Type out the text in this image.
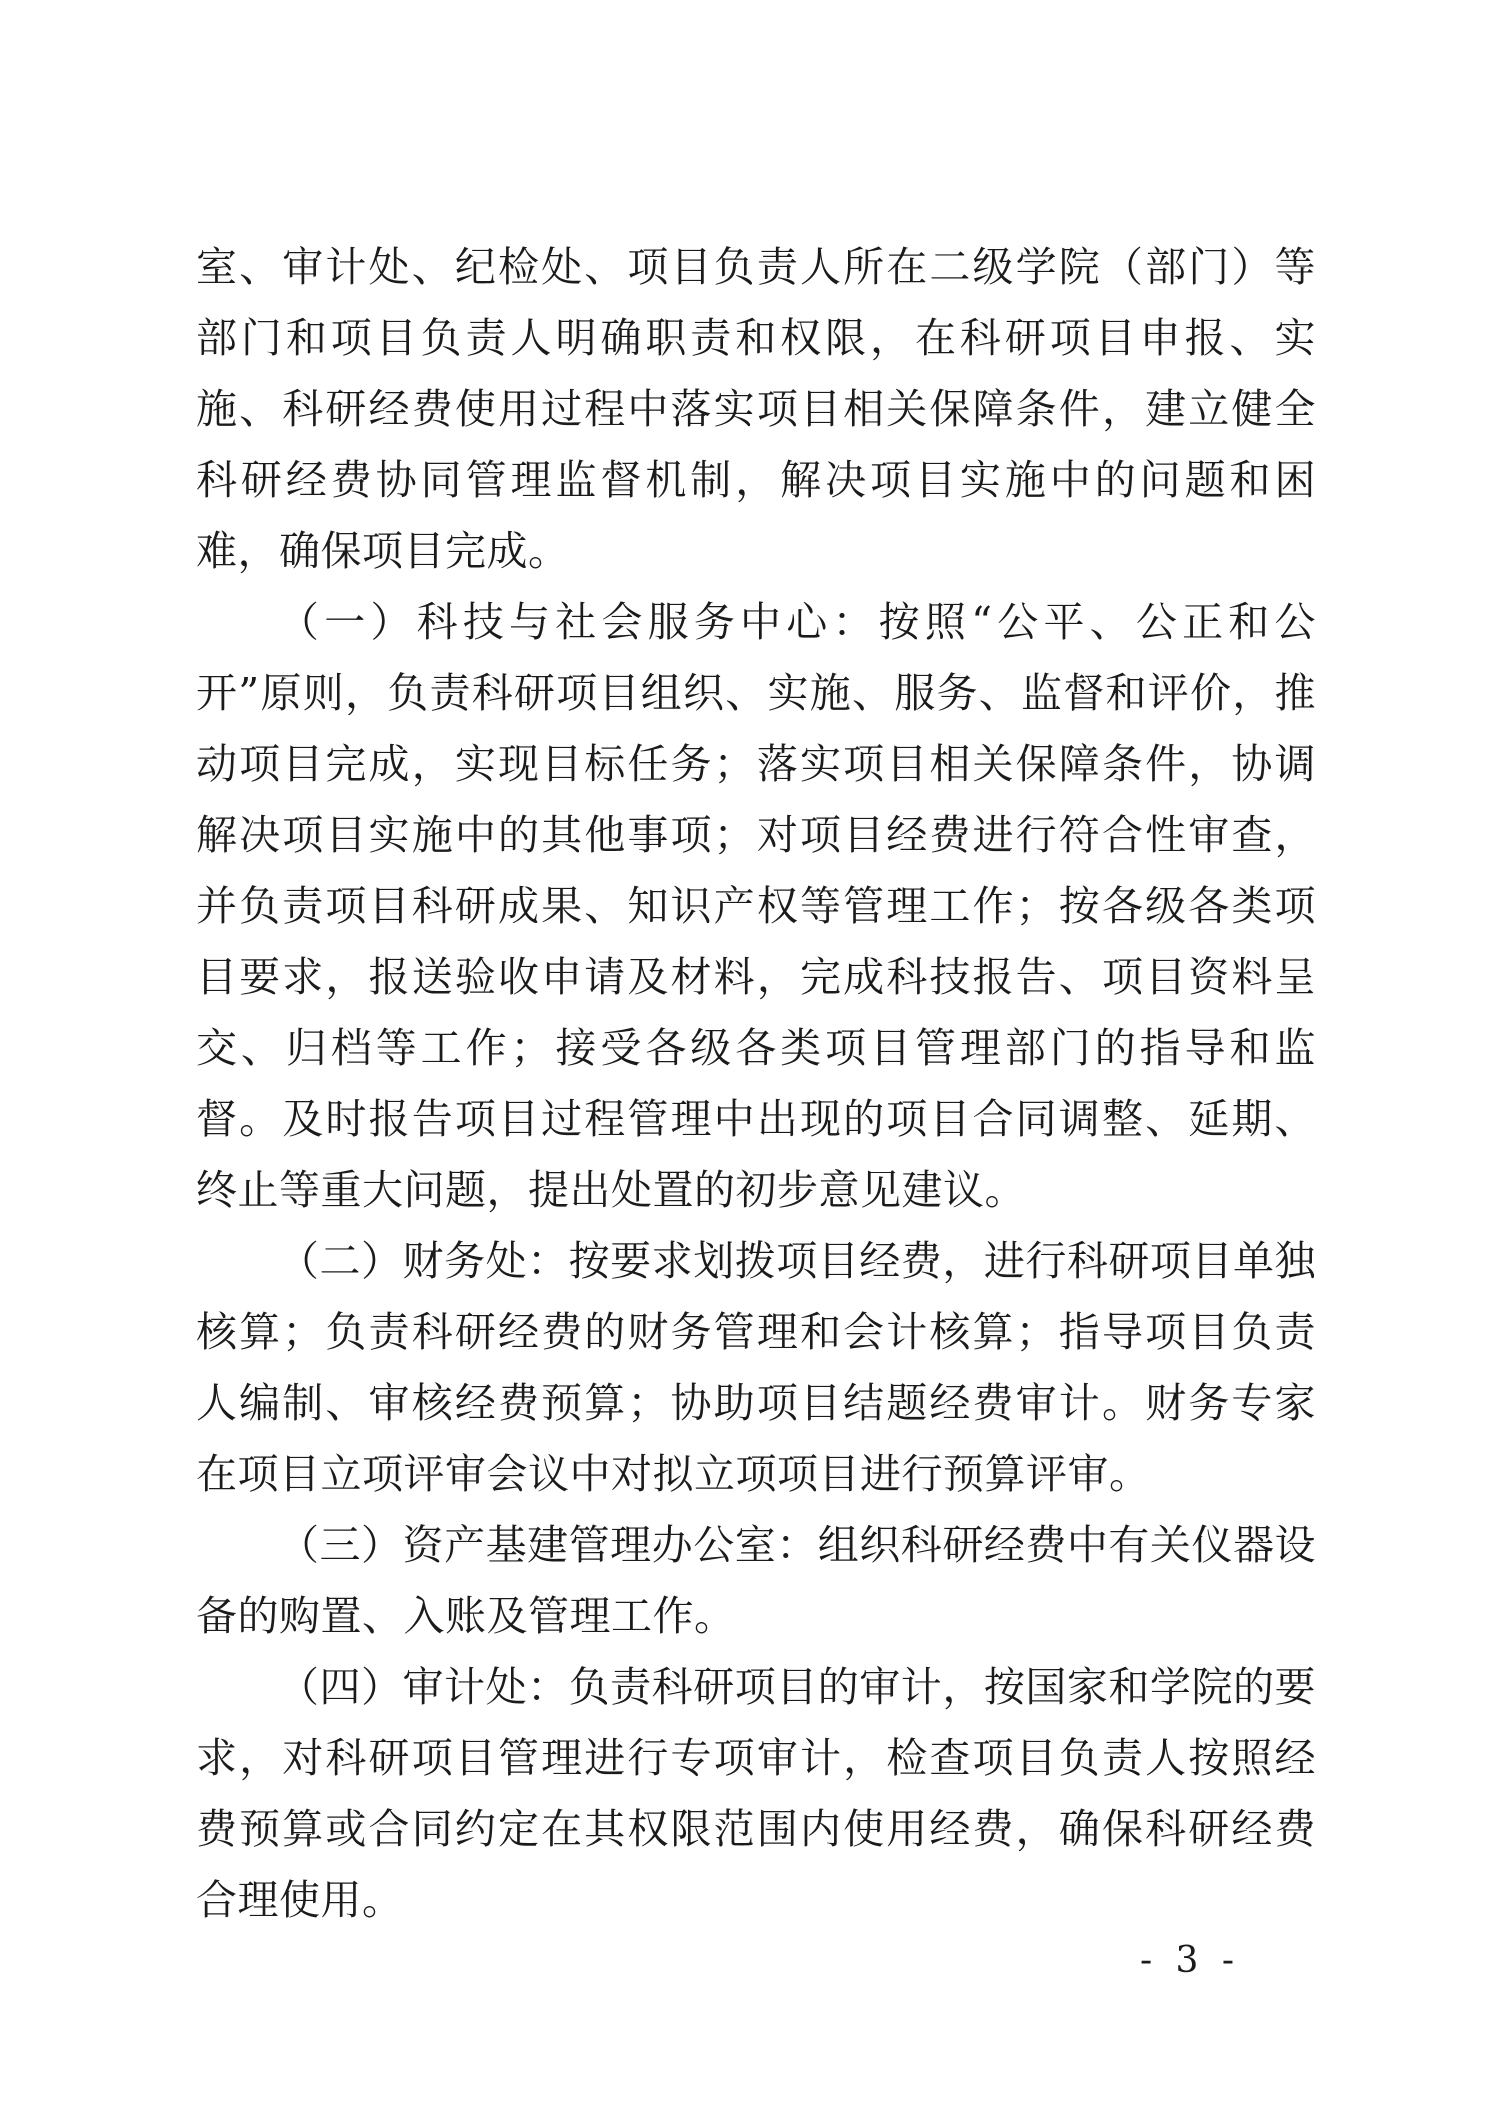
室、审计处、纪检处、项目负责人所在二级学院（部门）等部门和项目负责人明确职责和权限，在科研项目申报、实施、科研经费使用过程中落实项目相关保障条件，建立健全科研经费协同管理监督机制，解决项目实施中的问题和困难，确保项目完成。

（一）科技与社会服务中心：按照“公平、公正和公开”原则，负责科研项目组织、实施、服务、监督和评价，推动项目完成，实现目标任务；落实项目相关保障条件，协调解决项目实施中的其他事项；对项目经费进行符合性审查，并负责项目科研成果、知识产权等管理工作；按各级各类项目要求，报送验收申请及材料，完成科技报告、项目资料呈交、归档等工作；接受各级各类项目管理部门的指导和监督。及时报告项目过程管理中出现的项目合同调整、延期、终止等重大问题，提出处置的初步意见建议。

（二）财务处：按要求划拨项目经费，进行科研项目单独核算；负责科研经费的财务管理和会计核算；指导项目负责人编制、审核经费预算；协助项目结题经费审计。财务专家在项目立项评审会议中对拟立项项目进行预算评审。

（三）资产基建管理办公室：组织科研经费中有关仪器设备的购置、入账及管理工作。

（四）审计处：负责科研项目的审计，按国家和学院的要求，对科研项目管理进行专项审计，检查项目负责人按照经费预算或合同约定在其权限范围内使用经费，确保科研经费合理使用。

- 3 -
